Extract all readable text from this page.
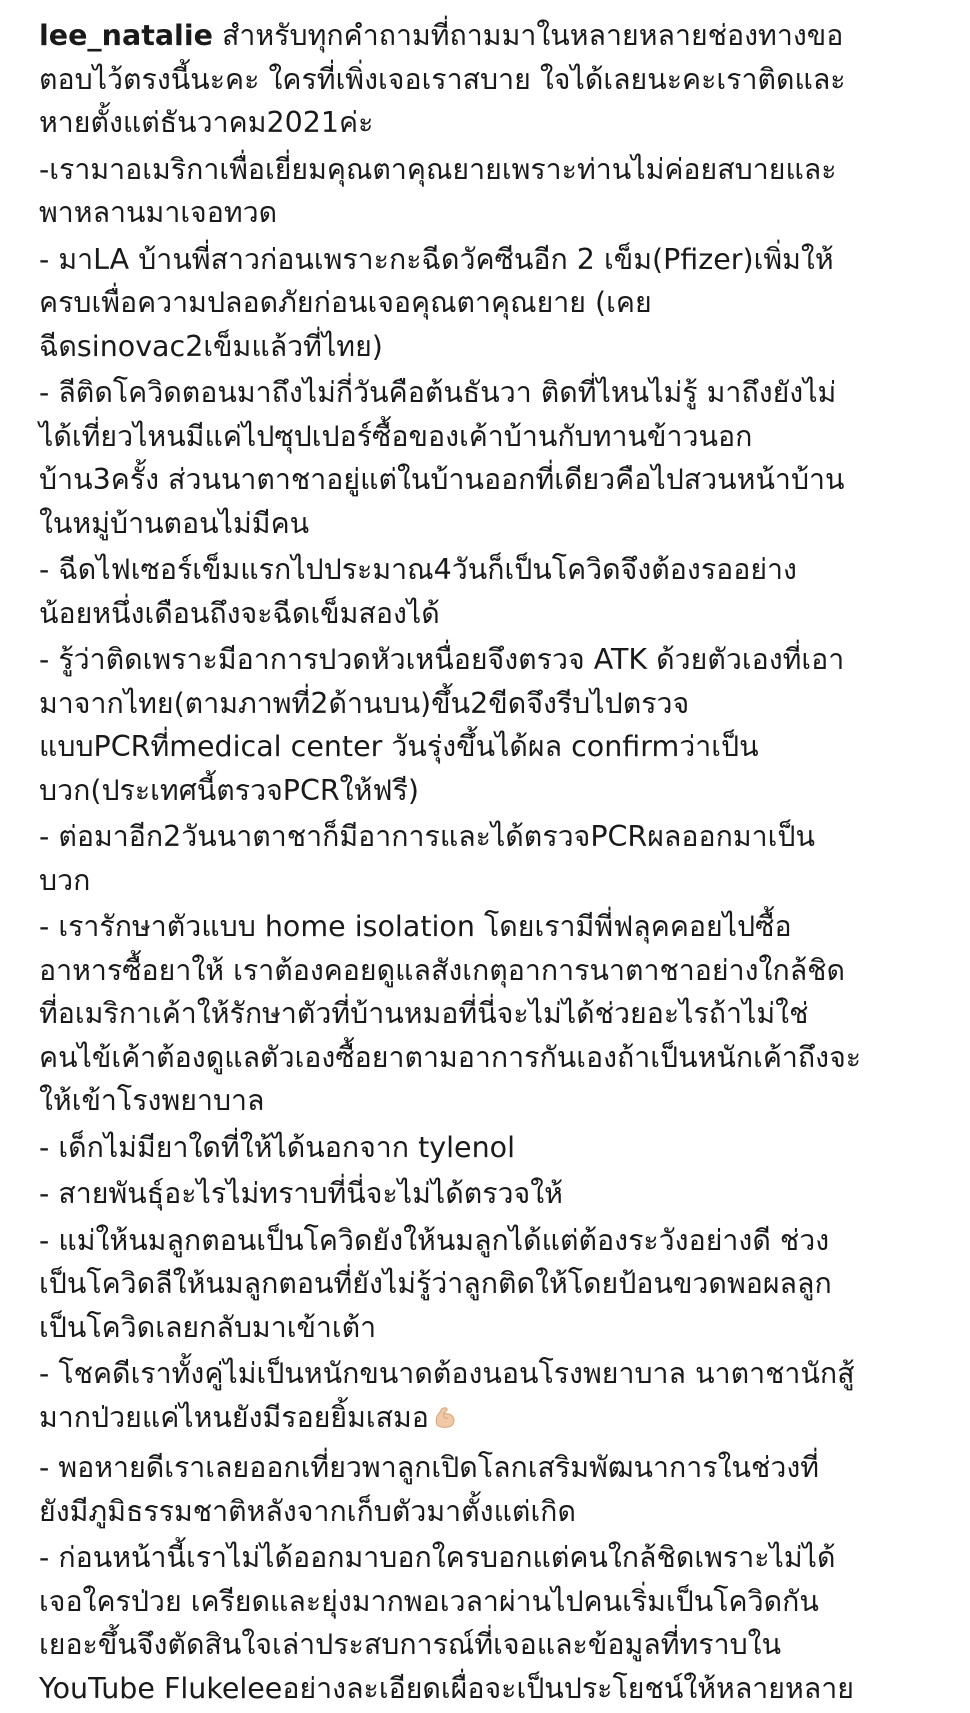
lee_natalie สำหรับทุกคำถามที่ถามมาในหลายหลายช่องทางขอ
ตอบไว้ตรงนี้นะคะ ใครที่เพิ่งเจอเราสบาย ใจได้เลยนะคะเราติดและ
หายตั้งแต่ธันวาคม2021ค่ะ

-เรามาอเมริกาเพื่อเยี่ยมคุณตาคุณยายเพราะท่านไม่ค่อยสบายและ
พาหลานมาเจอทวด

- มาLA บ้านพี่สาวก่อนเพราะกะฉีดวัคซีนอีก 2 เข็ม(Pfizer)เพิ่มให้
ครบเพื่อความปลอดภัยก่อนเจอคุณตาคุณยาย (เคย
ฉีดsinovac2เข็มแล้วที่ไทย)

- ลีติดโควิดตอนมาถึงไม่กี่วันคือต้นธันวา ติดที่ไหนไม่รู้ มาถึงยังไม่
ได้เที่ยวไหนมีแค่ไปซุปเปอร์ซื้อของเค้าบ้านกับทานข้าวนอก
บ้าน3ครั้ง ส่วนนาตาชาอยู่แต่ในบ้านออกที่เดียวคือไปสวนหน้าบ้าน
ในหมู่บ้านตอนไม่มีคน

- ฉีดไฟเซอร์เข็มแรกไปประมาณ4วันก็เป็นโควิดจึงต้องรออย่าง
น้อยหนึ่งเดือนถึงจะฉีดเข็มสองได้

- รู้ว่าติดเพราะมีอาการปวดหัวเหนื่อยจึงตรวจ ATK ด้วยตัวเองที่เอา
มาจากไทย(ตามภาพที่2ด้านบน)ขึ้น2ขีดจึงรีบไปตรวจ
แบบPCRที่medical center วันรุ่งขึ้นได้ผล confirmว่าเป็น
บวก(ประเทศนี้ตรวจPCRให้ฟรี)

- ต่อมาอีก2วันนาตาชาก็มีอาการและได้ตรวจPCRผลออกมาเป็น
บวก

- เรารักษาตัวแบบ home isolation โดยเรามีพี่ฟลุคคอยไปซื้อ
อาหารซื้อยาให้ เราต้องคอยดูแลสังเกตุอาการนาตาชาอย่างใกล้ชิด
ที่อเมริกาเค้าให้รักษาตัวที่บ้านหมอที่นี่จะไม่ได้ช่วยอะไรถ้าไม่ใช่
คนไข้เค้าต้องดูแลตัวเองซื้อยาตามอาการกันเองถ้าเป็นหนักเค้าถึงจะ
ให้เข้าโรงพยาบาล

- เด็กไม่มียาใดที่ให้ได้นอกจาก tylenol

- สายพันธุ์อะไรไม่ทราบที่นี่จะไม่ได้ตรวจให้

- แม่ให้นมลูกตอนเป็นโควิดยังให้นมลูกได้แต่ต้องระวังอย่างดี ช่วง
เป็นโควิดลีให้นมลูกตอนที่ยังไม่รู้ว่าลูกติดให้โดยป้อนขวดพอผลลูก
เป็นโควิดเลยกลับมาเข้าเต้า

- โชคดีเราทั้งคู่ไม่เป็นหนักขนาดต้องนอนโรงพยาบาล นาตาชานักสู้
มากป่วยแค่ไหนยังมีรอยยิ้มเสมอ

- พอหายดีเราเลยออกเที่ยวพาลูกเปิดโลกเสริมพัฒนาการในช่วงที่
ยังมีภูมิธรรมชาติหลังจากเก็บตัวมาตั้งแต่เกิด

- ก่อนหน้านี้เราไม่ได้ออกมาบอกใครบอกแต่คนใกล้ชิดเพราะไม่ได้
เจอใครป่วย เครียดและยุ่งมากพอเวลาผ่านไปคนเริ่มเป็นโควิดกัน
เยอะขึ้นจึงตัดสินใจเล่าประสบการณ์ที่เจอและข้อมูลที่ทราบใน
YouTube Flukeleeอย่างละเอียดเผื่อจะเป็นประโยชน์ให้หลายหลาย
